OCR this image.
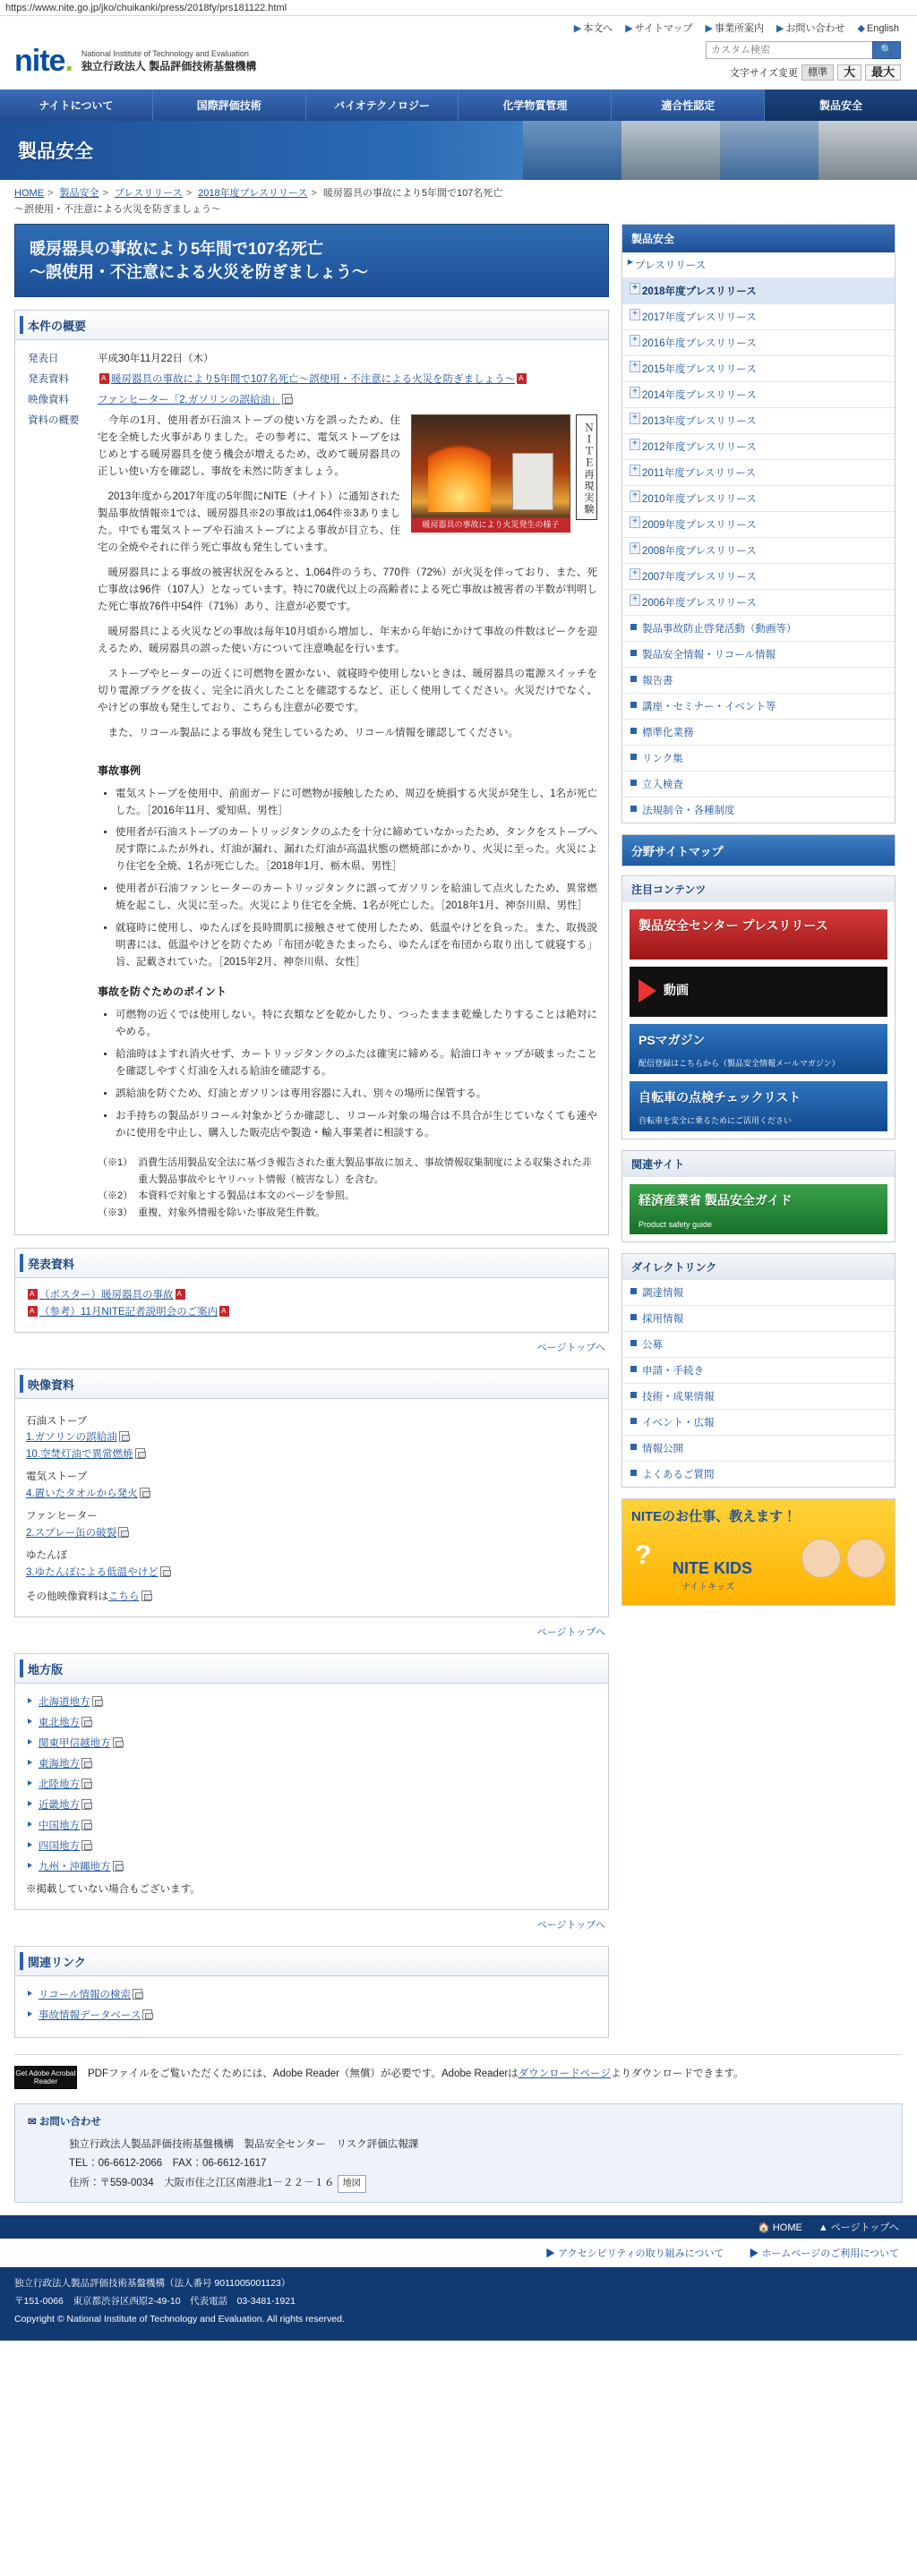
https://www.nite.go.jp/jko/chuikanki/press/2018fy/prs181122.html
▶ 本文へ ▶ サイトマップ ▶ 事業所案内 ▶ お問い合わせ ◆ English
nite. National Institute of Technology and Evaluation
独立行政法人 製品評価技術基盤機構
カスタム検索
🔍
文字サイズ変更	標準	大	最大
ナイトについて	国際評価技術	バイオテクノロジー	化学物質管理	適合性認定	製品安全
製品安全
HOME > 製品安全 > プレスリリース > 2018年度プレスリリース > 暖房器具の事故により5年間で107名死亡
～誤使用・不注意による火災を防ぎましょう～
暖房器具の事故により5年間で107名死亡
～誤使用・不注意による火災を防ぎましょう～
本件の概要
発表日	平成30年11月22日（木）
発表資料	A暖房器具の事故により5年間で107名死亡～誤使用・不注意による火災を防ぎましょう～A
映像資料	ファンヒーター「2.ガソリンの誤給油」
資料の概要	
ＮＩＴＥ再現実験
暖房器具の事故により火災発生の様子

　今年の1月、使用者が石油ストーブの使い方を誤ったため、住宅を全焼した火事がありました。その参考に、電気ストーブをはじめとする暖房器具を使う機会が増えるため、改めて暖房器具の正しい使い方を確認し、事故を未然に防ぎましょう。

　2013年度から2017年度の5年間にNITE（ナイト）に通知された製品事故情報※1では、暖房器具※2の事故は1,064件※3ありました。中でも電気ストーブや石油ストーブによる事故が目立ち、住宅の全焼やそれに伴う死亡事故も発生しています。

　暖房器具による事故の被害状況をみると、1,064件のうち、770件（72%）が火災を伴っており、また、死亡事故は96件（107人）となっています。特に70歳代以上の高齢者による死亡事故は被害者の半数が判明した死亡事故76件中54件（71%）あり、注意が必要です。

　暖房器具による火災などの事故は毎年10月頃から増加し、年末から年始にかけて事故の件数はピークを迎えるため、暖房器具の誤った使い方について注意喚起を行います。

　ストーブやヒーターの近くに可燃物を置かない、就寝時や使用しないときは、暖房器具の電源スイッチを切り電源プラグを抜く、完全に消火したことを確認するなど、正しく使用してください。火災だけでなく、やけどの事故も発生しており、こちらも注意が必要です。

　また、リコール製品による事故も発生しているため、リコール情報を確認してください。

事故事例
• 電気ストーブを使用中、前面ガードに可燃物が接触したため、周辺を焼損する火災が発生し、1名が死亡した。［2016年11月、愛知県、男性］
• 使用者が石油ストーブのカートリッジタンクのふたを十分に締めていなかったため、タンクをストーブへ戻す際にふたが外れ、灯油が漏れ、漏れた灯油が高温状態の燃焼部にかかり、火災に至った。火災により住宅を全焼、1名が死亡した。［2018年1月、栃木県、男性］
• 使用者が石油ファンヒーターのカートリッジタンクに誤ってガソリンを給油して点火したため、異常燃焼を起こし、火災に至った。火災により住宅を全焼、1名が死亡した。［2018年1月、神奈川県、男性］
• 就寝時に使用し、ゆたんぽを長時間肌に接触させて使用したため、低温やけどを負った。また、取扱説明書には、低温やけどを防ぐため「布団が乾きたまったら、ゆたんぽを布団から取り出して就寝する」旨、記載されていた。［2015年2月、神奈川県、女性］
事故を防ぐためのポイント
• 可燃物の近くでは使用しない。特に衣類などを乾かしたり、つったままま乾燥したりすることは絶対にやめる。
• 給油時はよすれ消火せず、カートリッジタンクのふたは確実に締める。給油口キャップが破まったことを確認しやすく灯油を入れる給油を確認する。
• 誤給油を防ぐため、灯油とガソリンは専用容器に入れ、別々の場所に保管する。
• お手持ちの製品がリコール対象かどうか確認し、リコール対象の場合は不具合が生じていなくても速やかに使用を中止し、購入した販売店や製造・輸入事業者に相談する。
（※1） 消費生活用製品安全法に基づき報告された重大製品事故に加え、事故情報収集制度による収集された非重大製品事故やヒヤリハット情報（被害なし）を含む。
（※2） 本資料で対象とする製品は本文のページを参照。
（※3） 重複、対象外情報を除いた事故発生件数。
発表資料
A（ポスター）暖房器具の事故A
A（参考）11月NITE記者説明会のご案内A
ページトップへ
映像資料
石油ストーブ
1.ガソリンの誤給油
10.空焚灯油で異常燃焼
電気ストーブ
4.置いたタオルから発火
ファンヒーター
2.スプレー缶の破裂
ゆたんぽ
3.ゆたんぽによる低温やけど
その他映像資料はこちら
ページトップへ
地方版
北海道地方
東北地方
関東甲信越地方
東海地方
北陸地方
近畿地方
中国地方
四国地方
九州・沖縄地方
※掲載していない場合もございます。
ページトップへ
関連リンク
リコール情報の検索
事故情報データベース
製品安全
▶ プレスリリース
+ 2018年度プレスリリース
+ 2017年度プレスリリース
+ 2016年度プレスリリース
+ 2015年度プレスリリース
+ 2014年度プレスリリース
+ 2013年度プレスリリース
+ 2012年度プレスリリース
+ 2011年度プレスリリース
+ 2010年度プレスリリース
+ 2009年度プレスリリース
+ 2008年度プレスリリース
+ 2007年度プレスリリース
+ 2006年度プレスリリース
製品事故防止啓発活動（動画等）
製品安全情報・リコール情報
報告書
講座・セミナー・イベント等
標準化業務
リンク集
立入検査
法規制令・各種制度
分野サイトマップ
注目コンテンツ
製品安全センター プレスリリース
動画
PSマガジン
配信登録はこちらから（製品安全情報メールマガジン）
自転車の点検チェックリスト
自転車を安全に乗るためにご活用ください
関連サイト
経済産業省 製品安全ガイド
Product safety guide
ダイレクトリンク
調達情報
採用情報
公募
申請・手続き
技術・成果情報
イベント・広報
情報公開
よくあるご質問
NITEのお仕事、教えます！
? NITE KIDS
ナイトキッズ
Get Adobe Acrobat Reader
PDFファイルをご覧いただくためには、Adobe Reader（無償）が必要です。Adobe Readerはダウンロードページよりダウンロードできます。
✉ お問い合わせ
独立行政法人製品評価技術基盤機構　製品安全センター　リスク評価広報課
TEL：06-6612-2066　FAX：06-6612-1617
住所：〒559-0034　大阪市住之江区南港北1－２２－１６ 地図
🏠 HOME ▲ ページトップへ
▶ アクセシビリティの取り組みについて	▶ ホームページのご利用について
独立行政法人製品評価技術基盤機構（法人番号 9011005001123）
〒151-0066　東京都渋谷区西原2-49-10　代表電話　03-3481-1921
Copyright © National Institute of Technology and Evaluation. All rights reserved.
